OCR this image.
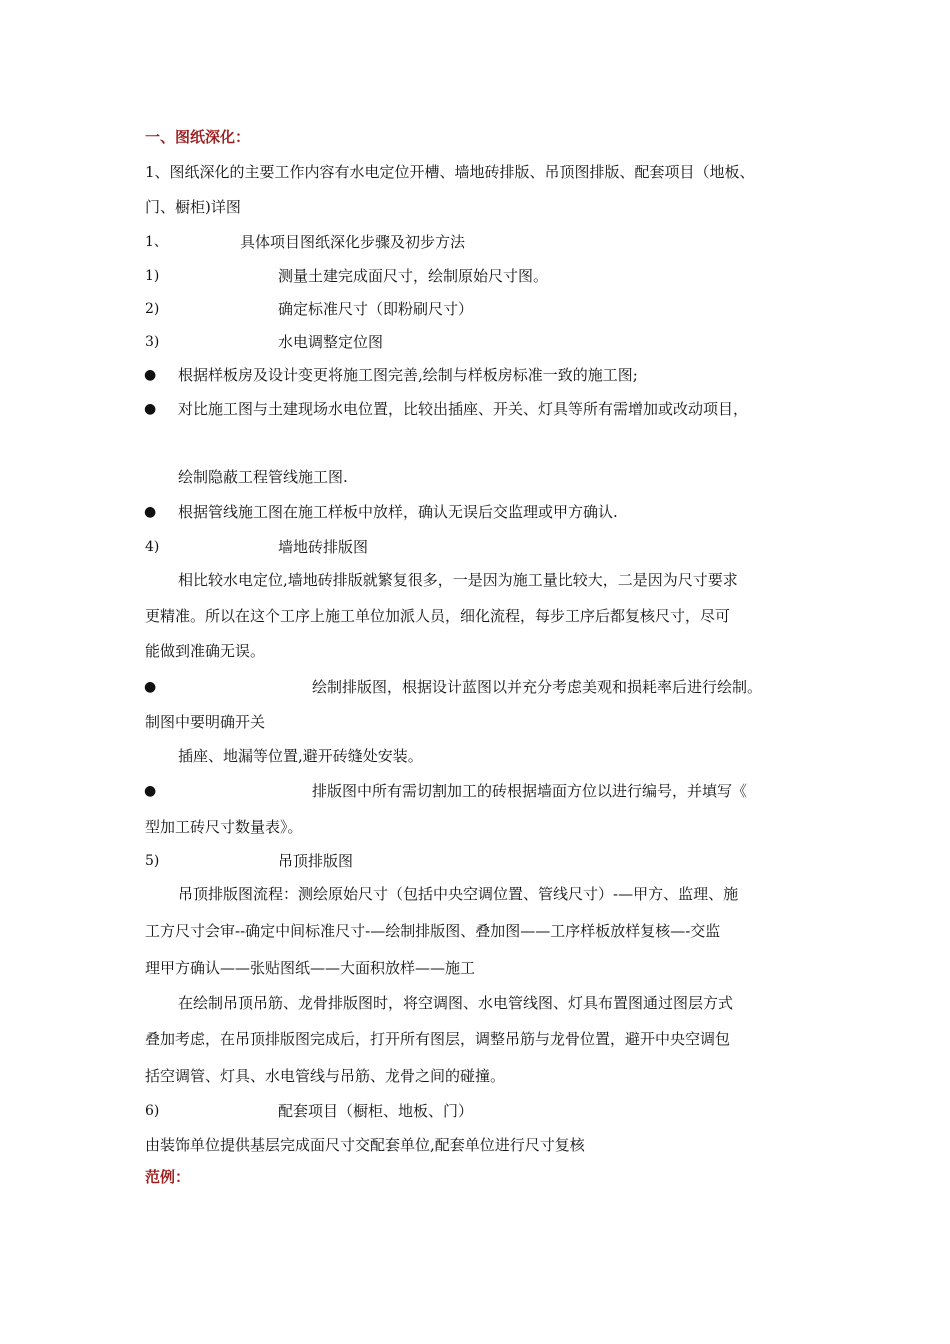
一、图纸深化：
1、图纸深化的主要工作内容有水电定位开槽、墙地砖排版、吊顶图排版、配套项目（地板、
门、橱柜)详图
1、	具体项目图纸深化步骤及初步方法
1)	测量土建完成面尺寸，绘制原始尺寸图。
2)	确定标准尺寸（即粉刷尺寸）
3)	水电调整定位图
● 根据样板房及设计变更将施工图完善,绘制与样板房标准一致的施工图;
● 对比施工图与土建现场水电位置，比较出插座、开关、灯具等所有需增加或改动项目，
绘制隐蔽工程管线施工图.
● 根据管线施工图在施工样板中放样，确认无误后交监理或甲方确认.
4)	墙地砖排版图
相比较水电定位,墙地砖排版就繁复很多，一是因为施工量比较大，二是因为尺寸要求
更精准。所以在这个工序上施工单位加派人员，细化流程，每步工序后都复核尺寸，尽可
能做到准确无误。
●	绘制排版图，根据设计蓝图以并充分考虑美观和损耗率后进行绘制。
制图中要明确开关
插座、地漏等位置,避开砖缝处安装。
●	排版图中所有需切割加工的砖根据墙面方位以进行编号，并填写《
型加工砖尺寸数量表》。
5)	吊顶排版图
吊顶排版图流程：测绘原始尺寸（包括中央空调位置、管线尺寸）-—甲方、监理、施
工方尺寸会审--确定中间标准尺寸-—绘制排版图、叠加图——工序样板放样复核—-交监
理甲方确认——张贴图纸——大面积放样——施工
在绘制吊顶吊筋、龙骨排版图时，将空调图、水电管线图、灯具布置图通过图层方式
叠加考虑，在吊顶排版图完成后，打开所有图层，调整吊筋与龙骨位置，避开中央空调包
括空调管、灯具、水电管线与吊筋、龙骨之间的碰撞。
6)	配套项目（橱柜、地板、门）
由装饰单位提供基层完成面尺寸交配套单位,配套单位进行尺寸复核
范例：
